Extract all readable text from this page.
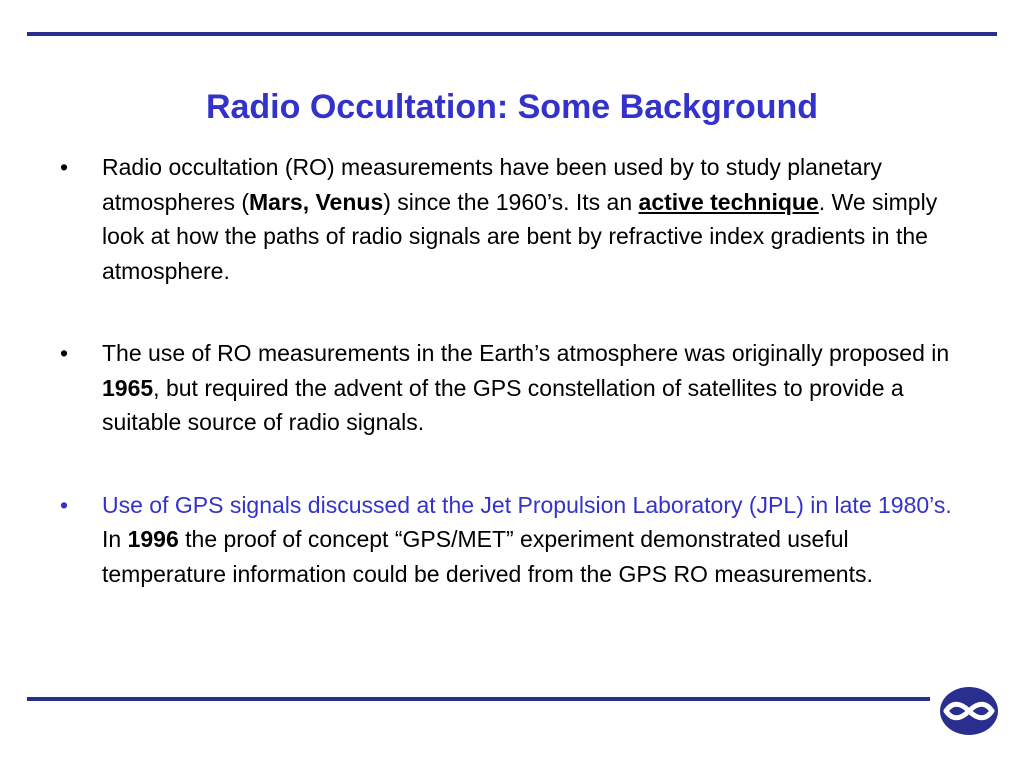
Radio Occultation: Some Background
• Radio occultation (RO) measurements have been used by to study planetary atmospheres (Mars, Venus) since the 1960’s. Its an active technique. We simply look at how the paths of radio signals are bent by refractive index gradients in the atmosphere.
• The use of RO measurements in the Earth’s atmosphere was originally proposed in 1965, but required the advent of the GPS constellation of satellites to provide a suitable source of radio signals.
• Use of GPS signals discussed at the Jet Propulsion Laboratory (JPL) in late 1980’s. In 1996 the proof of concept “GPS/MET” experiment demonstrated useful temperature information could be derived from the GPS RO measurements.
